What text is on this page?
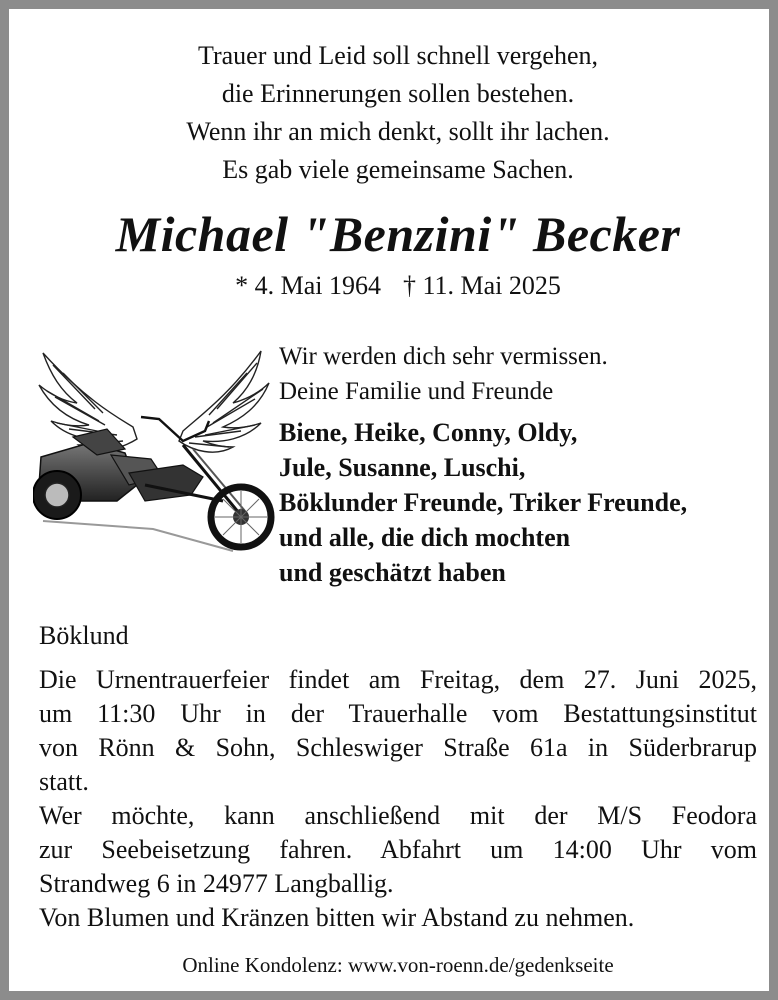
Trauer und Leid soll schnell vergehen,
die Erinnerungen sollen bestehen.
Wenn ihr an mich denkt, sollt ihr lachen.
Es gab viele gemeinsame Sachen.
Michael "Benzini" Becker
* 4. Mai 1964 † 11. Mai 2025
Wir werden dich sehr vermissen.
Deine Familie und Freunde
Biene, Heike, Conny, Oldy,
Jule, Susanne, Luschi,
Böklunder Freunde, Triker Freunde,
und alle, die dich mochten
und geschätzt haben
Böklund
Die Urnentrauerfeier findet am Freitag, dem 27. Juni 2025,
um 11:30 Uhr in der Trauerhalle vom Bestattungsinstitut
von Rönn & Sohn, Schleswiger Straße 61a in Süderbrarup
statt.
Wer möchte, kann anschließend mit der M/S Feodora
zur Seebeisetzung fahren. Abfahrt um 14:00 Uhr vom
Strandweg 6 in 24977 Langballig.
Von Blumen und Kränzen bitten wir Abstand zu nehmen.
Online Kondolenz: www.von-roenn.de/gedenkseite
